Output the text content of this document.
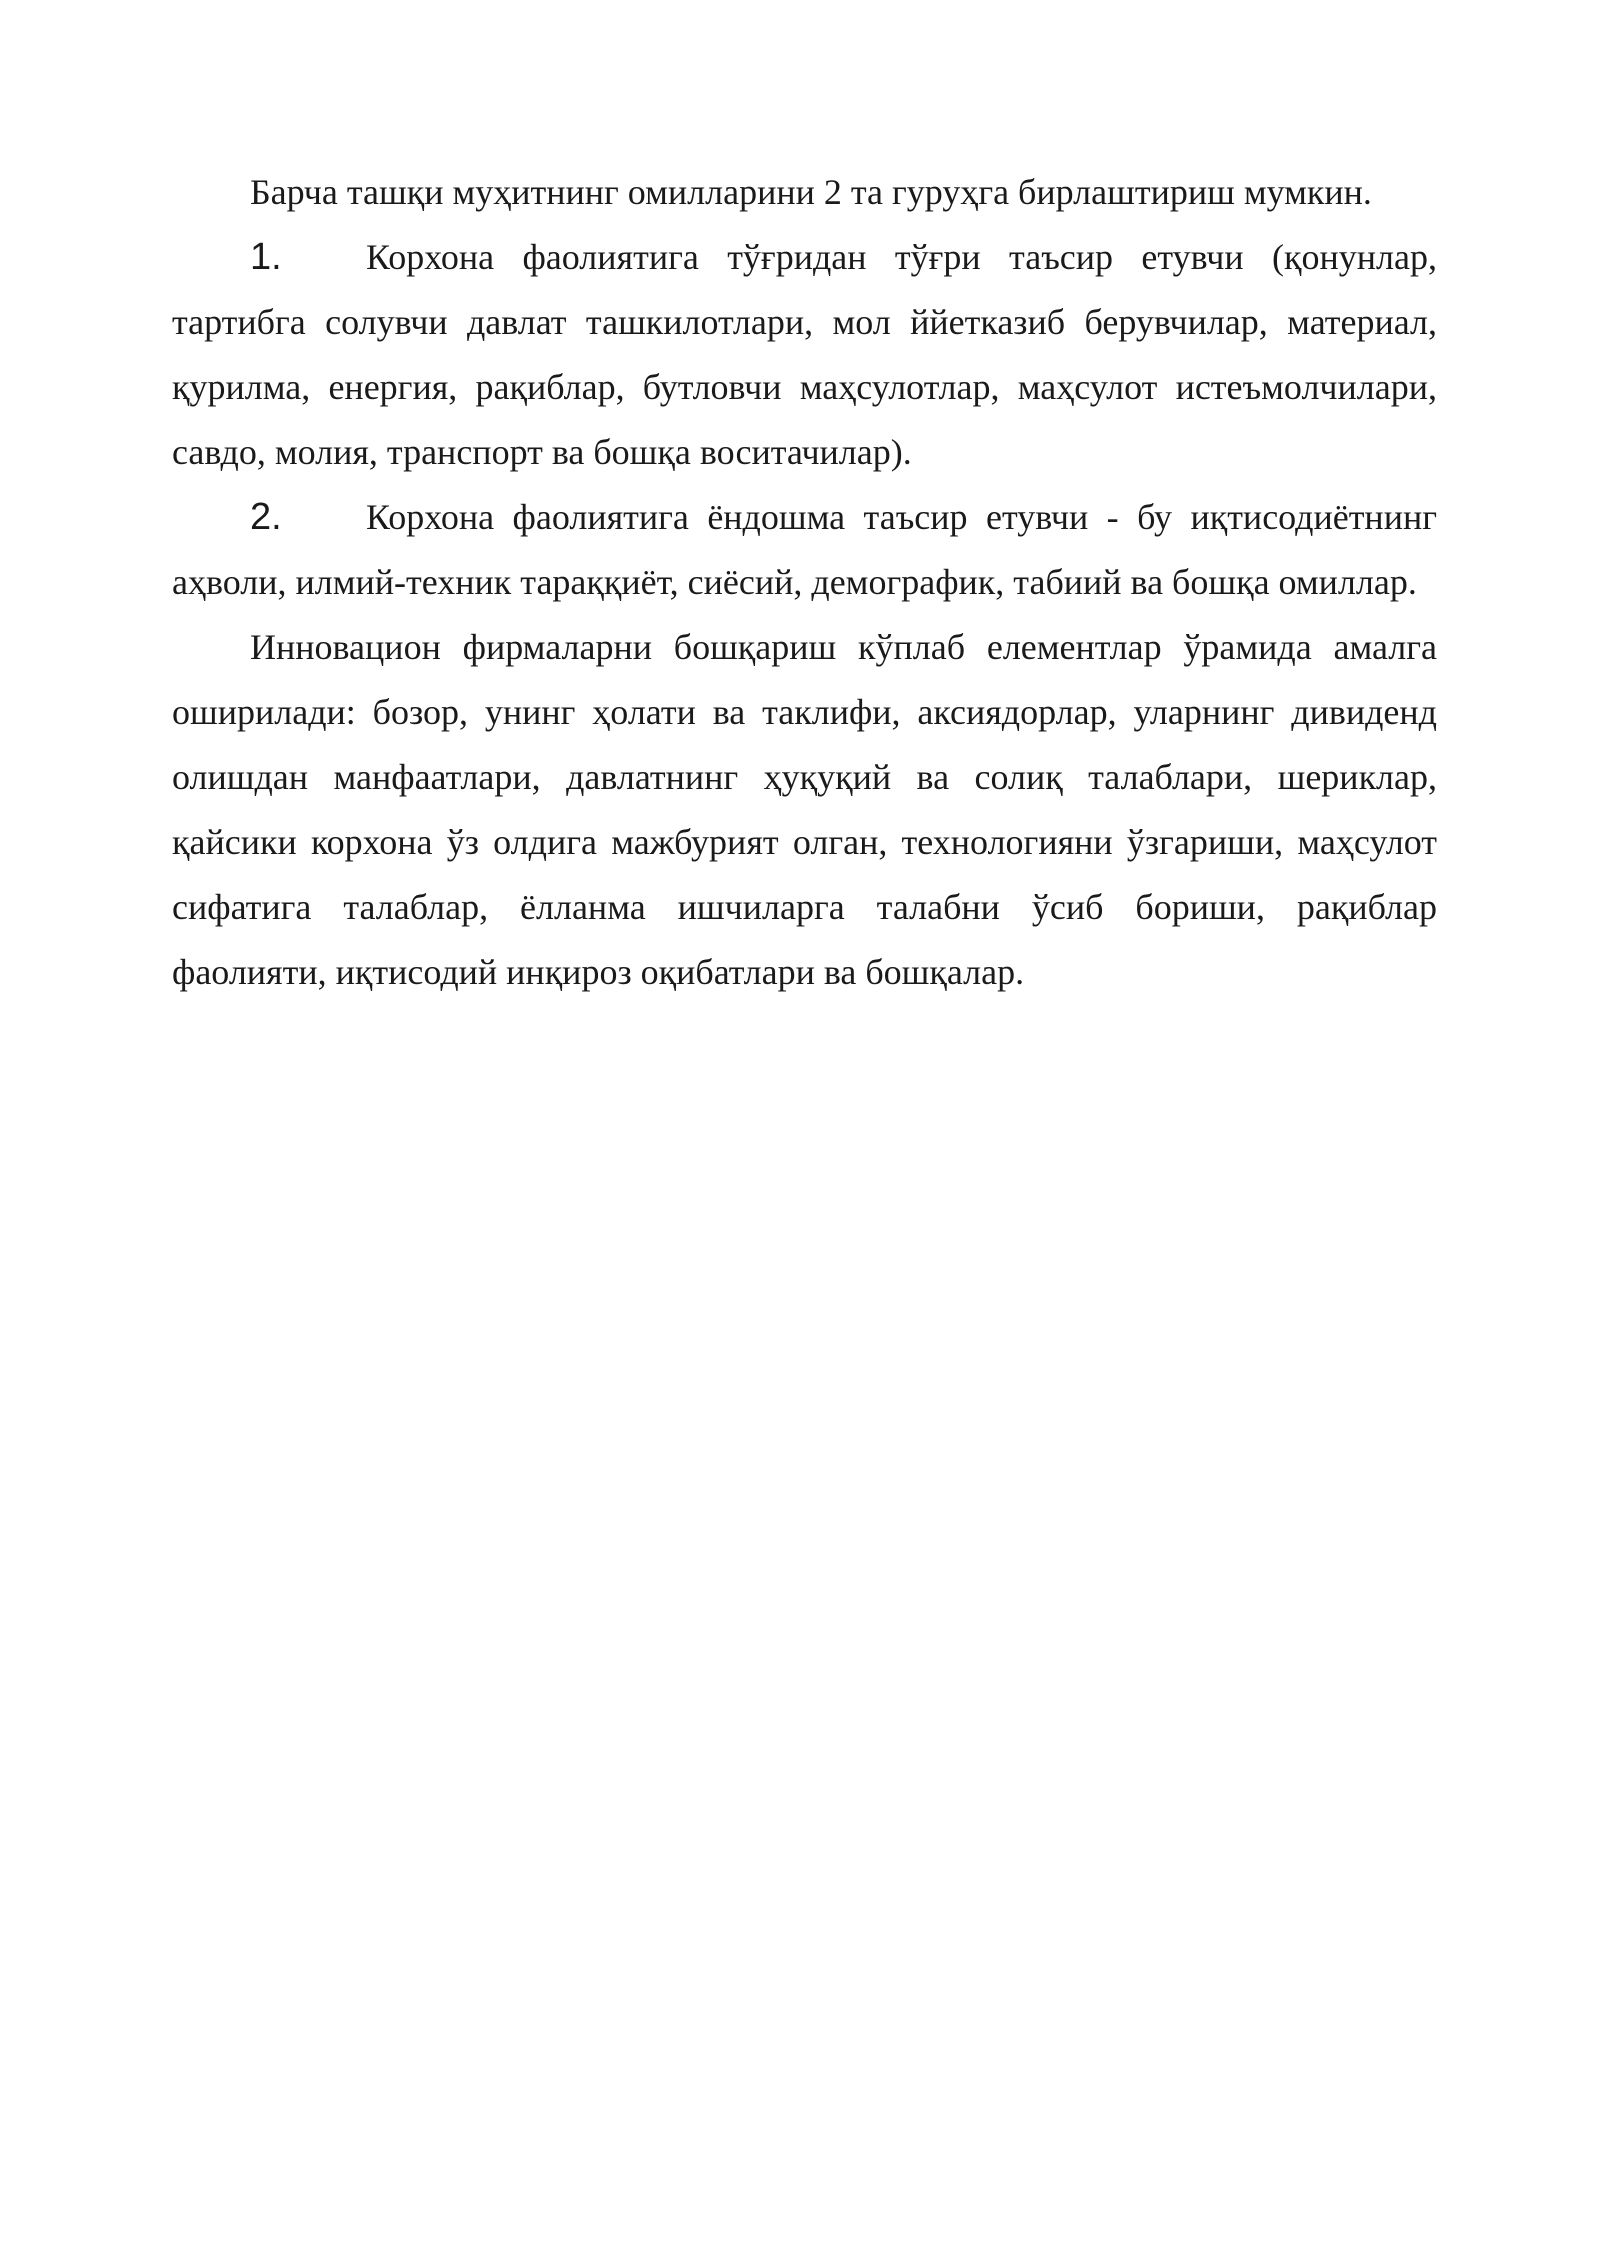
Барча ташқи муҳитнинг омилларини 2 та гуруҳга бирлаштириш мумкин.

1. Корхона фаолиятига тўғридан тўғри таъсир етувчи (қонунлар, тартибга солувчи давлат ташкилотлари, мол ййетказиб берувчилар, материал, қурилма, енергия, рақиблар, бутловчи маҳсулотлар, маҳсулот истеъмолчилари, савдо, молия, транспорт ва бошқа воситачилар).

2. Корхона фаолиятига ёндошма таъсир етувчи - бу иқтисодиётнинг аҳволи, илмий-техник тараққиёт, сиёсий, демографик, табиий ва бошқа омиллар.

Инновацион фирмаларни бошқариш кўплаб елементлар ўрамида амалга оширилади: бозор, унинг ҳолати ва таклифи, аксиядорлар, уларнинг дивиденд олишдан манфаатлари, давлатнинг ҳуқуқий ва солиқ талаблари, шериклар, қайсики корхона ўз олдига мажбурият олган, технологияни ўзгариши, маҳсулот сифатига талаблар, ёлланма ишчиларга талабни ўсиб бориши, рақиблар фаолияти, иқтисодий инқироз оқибатлари ва бошқалар.
